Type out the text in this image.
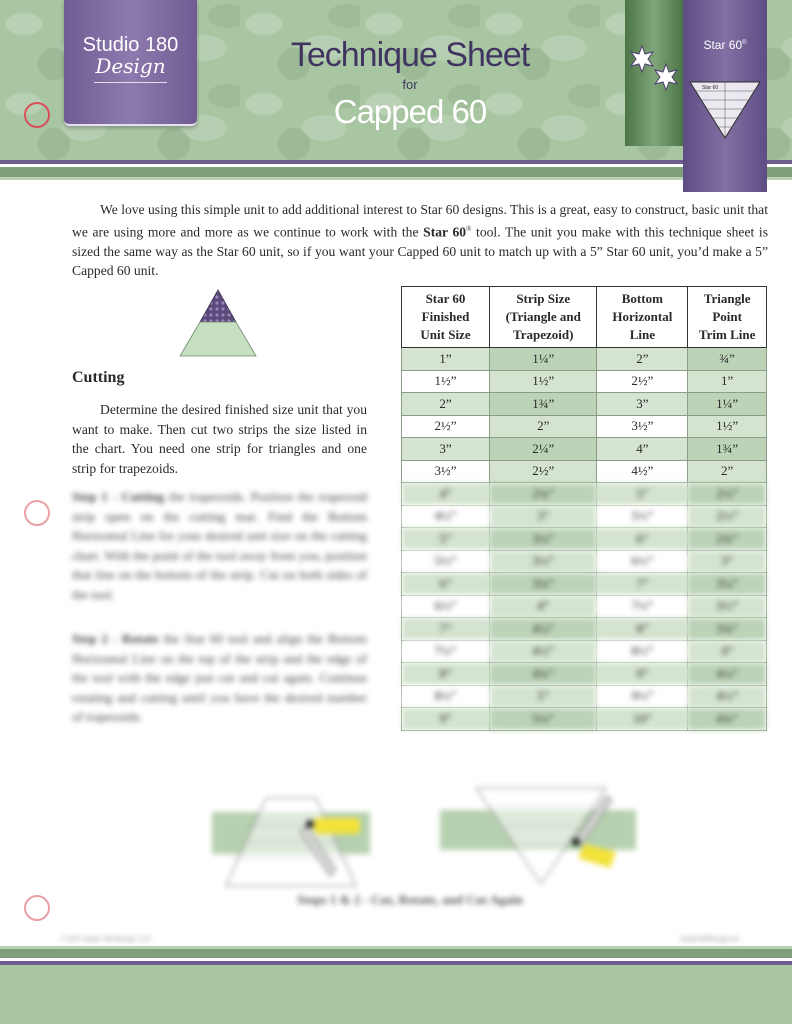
Studio 180
Design	Technique Sheet
for
Capped 60
Star 60®
Star 60

We love using this simple unit to add additional interest to Star 60 designs. This is a great, easy to construct, basic unit that we are using more and more as we continue to work with the Star 60® tool. The unit you make with this technique sheet is sized the same way as the Star 60 unit, so if you want your Capped 60 unit to match up with a 5” Star 60 unit, you’d make a 5” Capped 60 unit.

Cutting

Determine the desired finished size unit that you want to make. Then cut two strips the size listed in the chart. You need one strip for triangles and one strip for trapezoids.

Step 1 - Cutting the trapezoids. Position the trapezoid strip open on the cutting mat. Find the Bottom Horizontal Line for your desired unit size on the cutting chart. With the point of the tool away from you, position that line on the bottom of the strip. Cut on both sides of the tool.
Step 2 - Rotate the Star 60 tool and align the Bottom Horizontal Line on the top of the strip and the edge of the tool with the edge just cut and cut again. Continue rotating and cutting until you have the desired number of trapezoids.
Star 60
Finished
Unit Size	Strip Size
(Triangle and
Trapezoid)	Bottom
Horizontal
Line	Triangle
Point
Trim Line
1”	1¼”	2”	¾”
1½”	1½”	2½”	1”
2”	1¾”	3”	1¼”
2½”	2”	3½”	1½”
3”	2¼”	4”	1¾”
3½”	2½”	4½”	2”
4”	2¾”	5”	2¼”
4½”	3”	5½”	2½”
5”	3¼”	6”	2¾”
5½”	3½”	6½”	3”
6”	3¾”	7”	3¼”
6½”	4”	7½”	3½”
7”	4¼”	8”	3¾”
7½”	4½”	8½”	4”
8”	4¾”	9”	4¼”
8½”	5”	9½”	4½”
9”	5¼”	10”	4¾”
Steps 1 & 2 - Cut, Rotate, and Cut Again
© 2015 Studio 180 Design, LLC	Studio180Design.net
